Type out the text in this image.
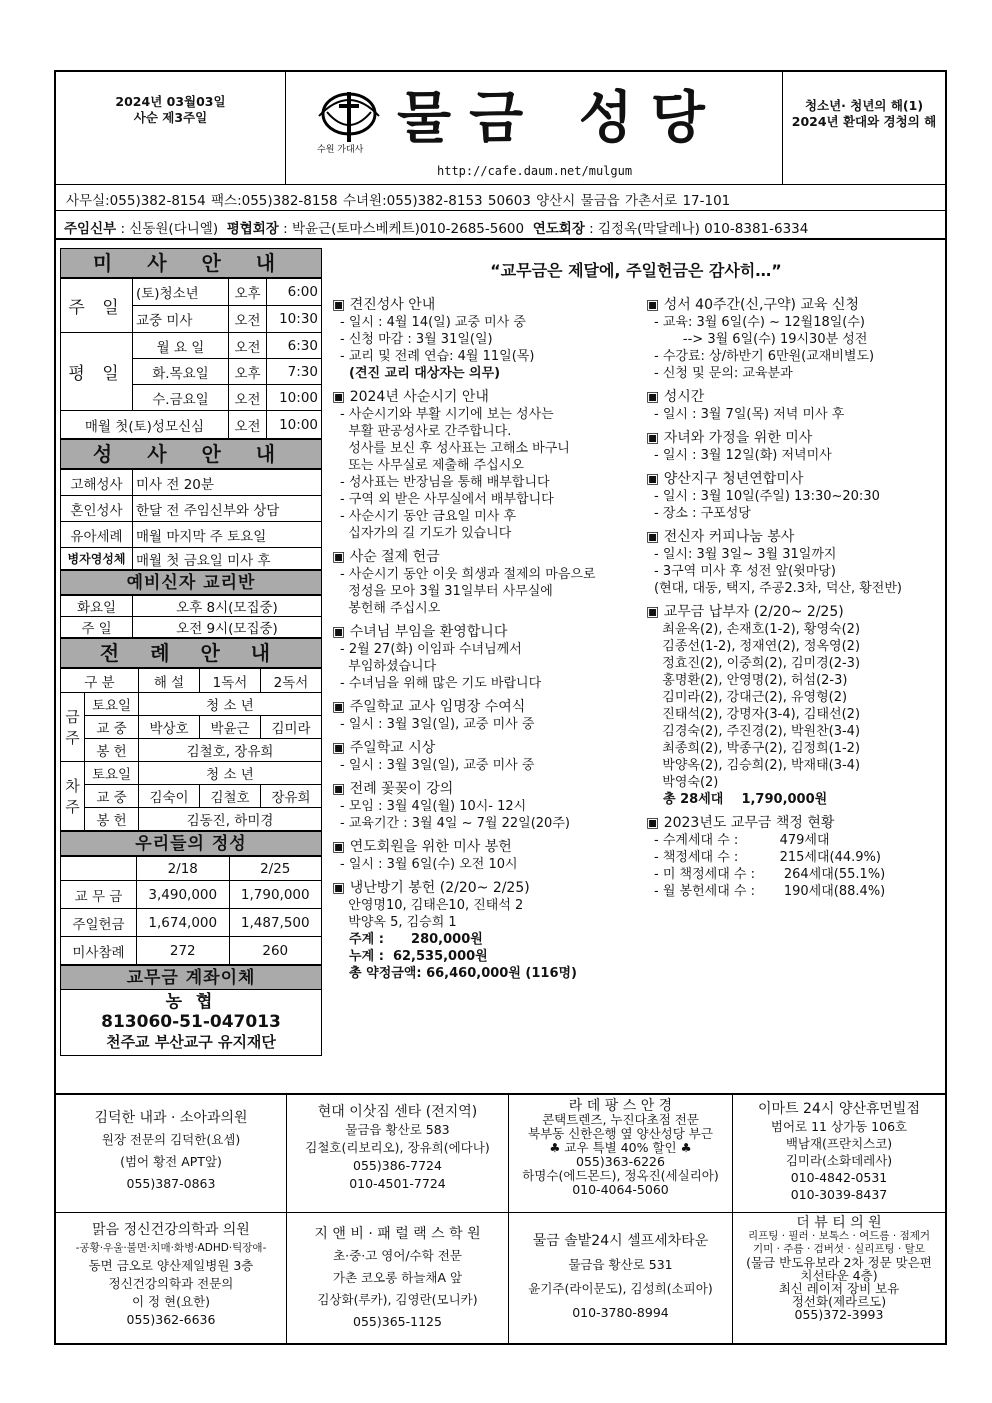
2024년 03월03일
사순 제3주일
수원 가대사 물금 성당
http://cafe.daum.net/mulgum
청소년· 청년의 해(1)
2024년 환대와 경청의 해
사무실:055)382-8154 팩스:055)382-8158 수녀원:055)382-8153 50603 양산시 물금읍 가촌서로 17-101
주임신부 : 신동원(다니엘) 평협회장 : 박윤근(토마스베케트)010-2685-5600 연도회장 : 김정옥(막달레나) 010-8381-6334
미 사 안 내
주 일	(토)청소년	오후	6:00
	교중 미사	오전	10:30
평 일	월 요 일	오전	6:30
	화.목요일	오후	7:30
	수.금요일	오전	10:00
매월 첫(토)성모신심		오전	10:00
성 사 안 내
고해성사	미사 전 20분
혼인성사	한달 전 주임신부와 상담
유아세례	매월 마지막 주 토요일
병자영성체	매월 첫 금요일 미사 후
예비신자 교리반
화요일	오후 8시(모집중)
주 일	오전 9시(모집중)
전 례 안 내
구 분		해 설	1독서	2독서
금 주	토요일	청 소 년		
	교 중	박상호	박윤근	김미라
	봉 헌	김철호, 장유희		
차 주	토요일	청 소 년		
	교 중	김숙이	김철호	장유희
	봉 헌	김동진, 하미경		
우리들의 정성
	2/18	2/25
교 무 금	3,490,000	1,790,000
주일헌금	1,674,000	1,487,500
미사참례	272	260
교무금 계좌이체
농 협
813060-51-047013
천주교 부산교구 유지재단
“교무금은 제달에, 주일헌금은 감사히…”
▣ 견진성사 안내
- 일시 : 4월 14(일) 교중 미사 중
- 신청 마감 : 3월 31일(일)
- 교리 및 전례 연습: 4월 11일(목)
(견진 교리 대상자는 의무)
▣ 2024년 사순시기 안내
- 사순시기와 부활 시기에 보는 성사는
부활 판공성사로 간주합니다.
성사를 보신 후 성사표는 고해소 바구니
또는 사무실로 제출해 주십시오
- 성사표는 반장님을 통해 배부합니다
- 구역 외 받은 사무실에서 배부합니다
- 사순시기 동안 금요일 미사 후
십자가의 길 기도가 있습니다
▣ 사순 절제 헌금
- 사순시기 동안 이웃 희생과 절제의 마음으로
정성을 모아 3월 31일부터 사무실에
봉헌해 주십시오
▣ 수녀님 부임을 환영합니다
- 2월 27(화) 이임파 수녀님께서
부임하셨습니다
- 수녀님을 위해 많은 기도 바랍니다
▣ 주일학교 교사 임명장 수여식
- 일시 : 3월 3일(일), 교중 미사 중
▣ 주일학교 시상
- 일시 : 3월 3일(일), 교중 미사 중
▣ 전례 꽃꽂이 강의
- 모임 : 3월 4일(월) 10시- 12시
- 교육기간 : 3월 4일 ~ 7월 22일(20주)
▣ 연도회원을 위한 미사 봉헌
- 일시 : 3월 6일(수) 오전 10시
▣ 냉난방기 봉헌 (2/20~ 2/25)
안영명10, 김태은10, 진태석 2
박양옥 5, 김승희 1
주계 :      280,000원
누계 :  62,535,000원
총 약정금액: 66,460,000원 (116명)
▣ 성서 40주간(신,구약) 교육 신청
- 교육: 3월 6일(수) ~ 12월18일(수)
--> 3월 6일(수) 19시30분 성전
- 수강료: 상/하반기 6만원(교재비별도)
- 신청 및 문의: 교육분과
▣ 성시간
- 일시 : 3월 7일(목) 저녁 미사 후
▣ 자녀와 가정을 위한 미사
- 일시 : 3월 12일(화) 저녁미사
▣ 양산지구 청년연합미사
- 일시 : 3월 10일(주일) 13:30~20:30
- 장소 : 구포성당
▣ 전신자 커피나눔 봉사
- 일시: 3월 3일~ 3월 31일까지
- 3구역 미사 후 성전 앞(윗마당)
(현대, 대동, 택지, 주공2.3차, 덕산, 황전반)
▣ 교무금 납부자 (2/20~ 2/25)
최윤옥(2), 손재호(1-2), 황영숙(2)
김종선(1-2), 정재연(2), 정옥영(2)
정효진(2), 이중희(2), 김미경(2-3)
홍명환(2), 안영명(2), 허섬(2-3)
김미라(2), 강대근(2), 유영형(2)
진태석(2), 강명자(3-4), 김태선(2)
김경숙(2), 주진경(2), 박원찬(3-4)
최종희(2), 박종구(2), 김정희(1-2)
박양옥(2), 김승희(2), 박재태(3-4)
박영숙(2)
총 28세대    1,790,000원
▣ 2023년도 교무금 책정 현황
- 수계세대 수 :          479세대
- 책정세대 수 :          215세대(44.9%)
- 미 책정세대 수 :       264세대(55.1%)
- 월 봉헌세대 수 :       190세대(88.4%)
김덕한 내과 · 소아과의원
원장 전문의 김덕한(요셉)
(범어 황전 APT앞)
055)387-0863
현대 이삿짐 센타 (전지역)
물금읍 황산로 583
김철호(리보리오), 장유희(에다나)
055)386-7724
010-4501-7724
라 데 팡 스 안 경
콘택트렌즈, 누진다초점 전문
북부동 신한은행 옆 양산성당 부근
♣ 교우 특별 40% 할인 ♣
055)363-6226
하명수(에드몬드), 정옥진(세실리아)
010-4064-5060
이마트 24시 양산휴먼빌점
범어로 11 상가동 106호
백남재(프란치스코)
김미라(소화데레사)
010-4842-0531
010-3039-8437
맑음 정신건강의학과 의원
-공황·우울·불면·치매·화병·ADHD·틱장애-
동면 금오로 양산제일병원 3층
정신건강의학과 전문의
이 정 현(요한)
055)362-6636
지 앤 비 · 패 럴 랙 스 학 원
초·중·고 영어/수학 전문
가촌 코오롱 하늘채A 앞
김상화(루카), 김영란(모니카)
055)365-1125
물금 솔밭24시 셀프세차타운
물금읍 황산로 531
윤기주(라이문도), 김성희(소피아)
010-3780-8994
더 뷰 티 의 원
리프팅 · 필러 · 보톡스 · 여드름 · 점제거
기미 · 주름 · 검버섯 · 실리프팅 · 탈모
(물금 반도유보라 2차 정문 맞은편
치선타운 4층)
최신 레이저 장비 보유
정선화(제라르도)
055)372-3993
